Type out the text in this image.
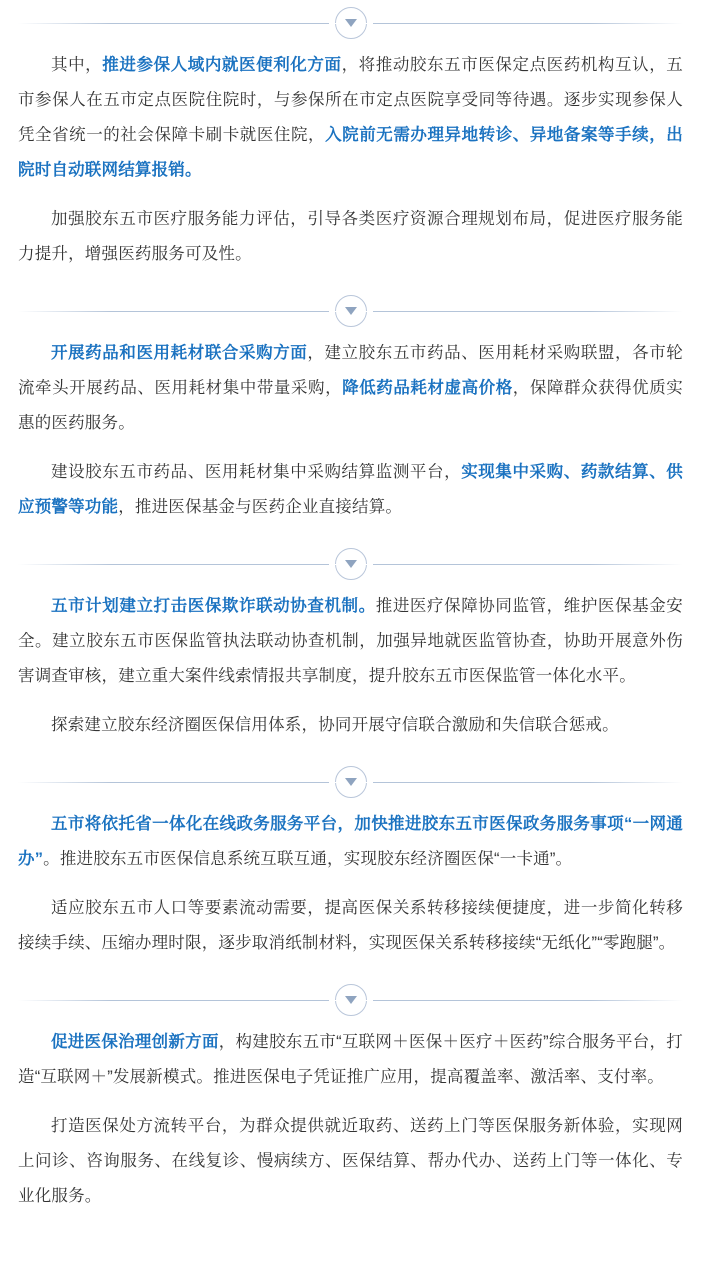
其中，推进参保人域内就医便利化方面，将推动胶东五市医保定点医药机构互认，五市参保人在五市定点医院住院时，与参保所在市定点医院享受同等待遇。逐步实现参保人凭全省统一的社会保障卡刷卡就医住院，入院前无需办理异地转诊、异地备案等手续，出院时自动联网结算报销。

加强胶东五市医疗服务能力评估，引导各类医疗资源合理规划布局，促进医疗服务能力提升，增强医药服务可及性。

开展药品和医用耗材联合采购方面，建立胶东五市药品、医用耗材采购联盟，各市轮流牵头开展药品、医用耗材集中带量采购，降低药品耗材虚高价格，保障群众获得优质实惠的医药服务。

建设胶东五市药品、医用耗材集中采购结算监测平台，实现集中采购、药款结算、供应预警等功能，推进医保基金与医药企业直接结算。

五市计划建立打击医保欺诈联动协查机制。推进医疗保障协同监管，维护医保基金安全。建立胶东五市医保监管执法联动协查机制，加强异地就医监管协查，协助开展意外伤害调查审核，建立重大案件线索情报共享制度，提升胶东五市医保监管一体化水平。

探索建立胶东经济圈医保信用体系，协同开展守信联合激励和失信联合惩戒。

五市将依托省一体化在线政务服务平台，加快推进胶东五市医保政务服务事项“一网通办”。推进胶东五市医保信息系统互联互通，实现胶东经济圈医保“一卡通”。

适应胶东五市人口等要素流动需要，提高医保关系转移接续便捷度，进一步简化转移接续手续、压缩办理时限，逐步取消纸制材料，实现医保关系转移接续“无纸化”“零跑腿”。

促进医保治理创新方面，构建胶东五市“互联网＋医保＋医疗＋医药”综合服务平台，打造“互联网＋”发展新模式。推进医保电子凭证推广应用，提高覆盖率、激活率、支付率。

打造医保处方流转平台，为群众提供就近取药、送药上门等医保服务新体验，实现网上问诊、咨询服务、在线复诊、慢病续方、医保结算、帮办代办、送药上门等一体化、专业化服务。
